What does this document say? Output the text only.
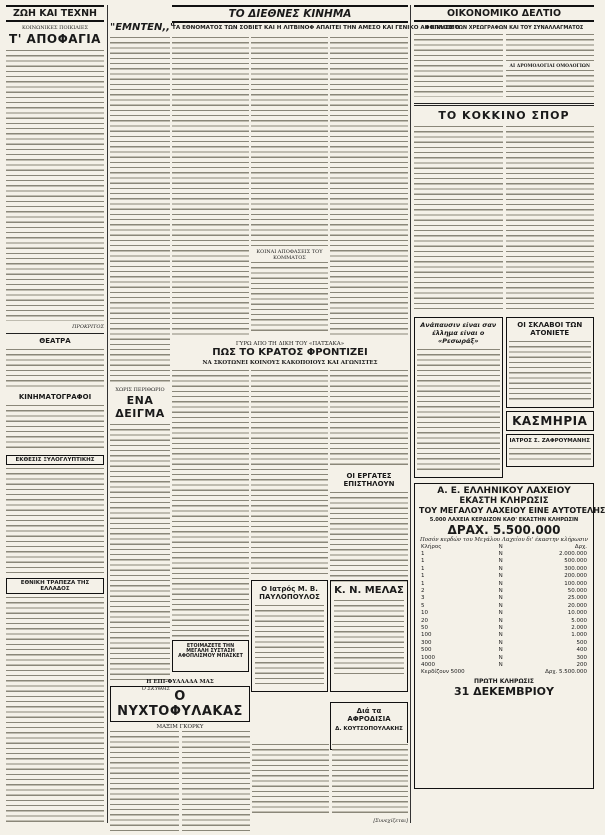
ΖΩΗ ΚΑΙ ΤΕΧΝΗ
ΚΟΙΝΩΝΙΚΕΣ ΠΟΙΚΙΛΙΕΣ
Τ' ΑΠΟΦΑΓΙΑ
ΠΡΟΚΡΙΤΟΣ
ΘΕΑΤΡΑ
ΚΙΝΗΜΑΤΟΓΡΑΦΟΙ
ΕΚΘΕΣΙΣ ΞΥΛΟΓΛΥΠΤΙΚΗΣ
ΕΘΝΙΚΗ ΤΡΑΠΕΖΑ ΤΗΣ ΕΛΛΑΔΟΣ
"ΕΜΝΤΕΝ,,"
ΧΩΡΙΣ ΠΕΡΙΘΩΡΙΟ
ΕΝΑ ΔΕΙΓΜΑ
Ο ΣΚΥΘΗΣ
ΤΟ ΔΙΕΘΝΕΣ ΚΙΝΗΜΑ
ΤΑ ΕΘΝΟΜΑΤΟΣ ΤΩΝ ΣΟΒΙΕΤ ΚΑΙ Η ΛΙΤΒΙΝΟΦ ΑΠΑΙΤΕΙ ΤΗΝ ΑΜΕΣΟ ΚΑΙ ΓΕΝΙΚΟ ΑΦΟΠΛΙΣΜΟ
ΚΟΙΝΑΙ ΑΠΟΦΑΣΕΙΣ ΤΟΥ ΚΟΜΜΑΤΟΣ
ΓΥΡΩ ΑΠΟ ΤΗ ΔΙΚΗ ΤΟΥ «ΠΑΤΣΑΚΑ»
ΠΩΣ ΤΟ ΚΡΑΤΟΣ ΦΡΟΝΤΙΖΕΙ
ΝΑ ΣΚΟΤΩΝΕΙ ΚΟΙΝΟΥΣ ΚΑΚΟΠΟΙΟΥΣ ΚΑΙ ΑΓΩΝΙΣΤΕΣ
ΟΙ ΕΡΓΑΤΕΣ ΕΠΙΣΤΗΛΟΥΝ
Ο Ιατρός Μ. Β. ΠΑΥΛΟΠΟΥΛΟΣ
Κ. Ν. ΜΕΛΑΣ
ΕΤΟΙΜΑΖΕΤΕ ΤΗΝ ΜΕΓΑΛΗ ΣΥΣΤΑΣΗ ΑΦΟΠΛΙΣΜΟΥ ΜΠΑΣΚΕΤ
Διά τα ΑΦΡΟΔΙΣΙΑ
Δ. ΚΟΥΤΣΟΠΟΥΛΑΚΗΣ
Η ΕΠΙ-ΦΥΛΛΑΔΑ ΜΑΣ
Ο ΝΥΧΤΟΦΥΛΑΚΑΣ
ΜΑΞΙΜ ΓΚΟΡΚΥ
[Συνεχίζεται]
ΟΙΚΟΝΟΜΙΚΟ ΔΕΛΤΙΟ
Η ΚΙΝΗΣΙΣ ΤΩΝ ΧΡΕΩΓΡΑΦΩΝ ΚΑΙ ΤΟΥ ΣΥΝΑΛΛΑΓΜΑΤΟΣ
ΑΙ ΔΡΟΜΟΛΟΓΙΑΙ ΟΜΟΛΟΓΙΩΝ
ΤΟ ΚΟΚΚΙΝΟ ΣΠΟΡ
Ανάπαυσιν είναι σαν έλλημα είναι ο «Ρεσωράξ»
ΟΙ ΣΚΛΑΒΟΙ ΤΩΝ ΑΤΟΝΙΕΤΕ
ΚΑΣΜΗΡΙΑ
ΙΑΤΡΟΣ Σ. ΖΑΦΡΟΥΜΑΝΗΣ
Α. Ε. ΕΛΛΗΝΙΚΟΥ ΛΑΧΕΙΟΥ
ΕΚΑΣΤΗ ΚΛΗΡΩΣΙΣ
ΤΟΥ ΜΕΓΑΛΟΥ ΛΑΧΕΙΟΥ ΕΙΝΕ ΑΥΤΟΤΕΛΗΣ
5.000 ΛΑΧΕΙΑ ΚΕΡΔΙΖΟΝ ΚΑΘ' ΕΚΑΣΤΗΝ ΚΛΗΡΩΣΙΝ
ΔΡΑΧ. 5.500.000
Ποσόν κερδών του Μεγάλου Λαχείου δι' έκαστην κλήρωσιν
Κλήρος	Ν	Δρχ.
1	Ν	2.000.000
1	Ν	500.000
1	Ν	300.000
1	Ν	200.000
1	Ν	100.000
2	Ν	50.000
3	Ν	25.000
5	Ν	20.000
10	Ν	10.000
20	Ν	5.000
50	Ν	2.000
100	Ν	1.000
300	Ν	500
500	Ν	400
1000	Ν	300
4000	Ν	200
Κερδίζουν 5000	Δρχ. 5.500.000
ΠΡΩΤΗ ΚΛΗΡΩΣΙΣ
31 ΔΕΚΕΜΒΡΙΟΥ
